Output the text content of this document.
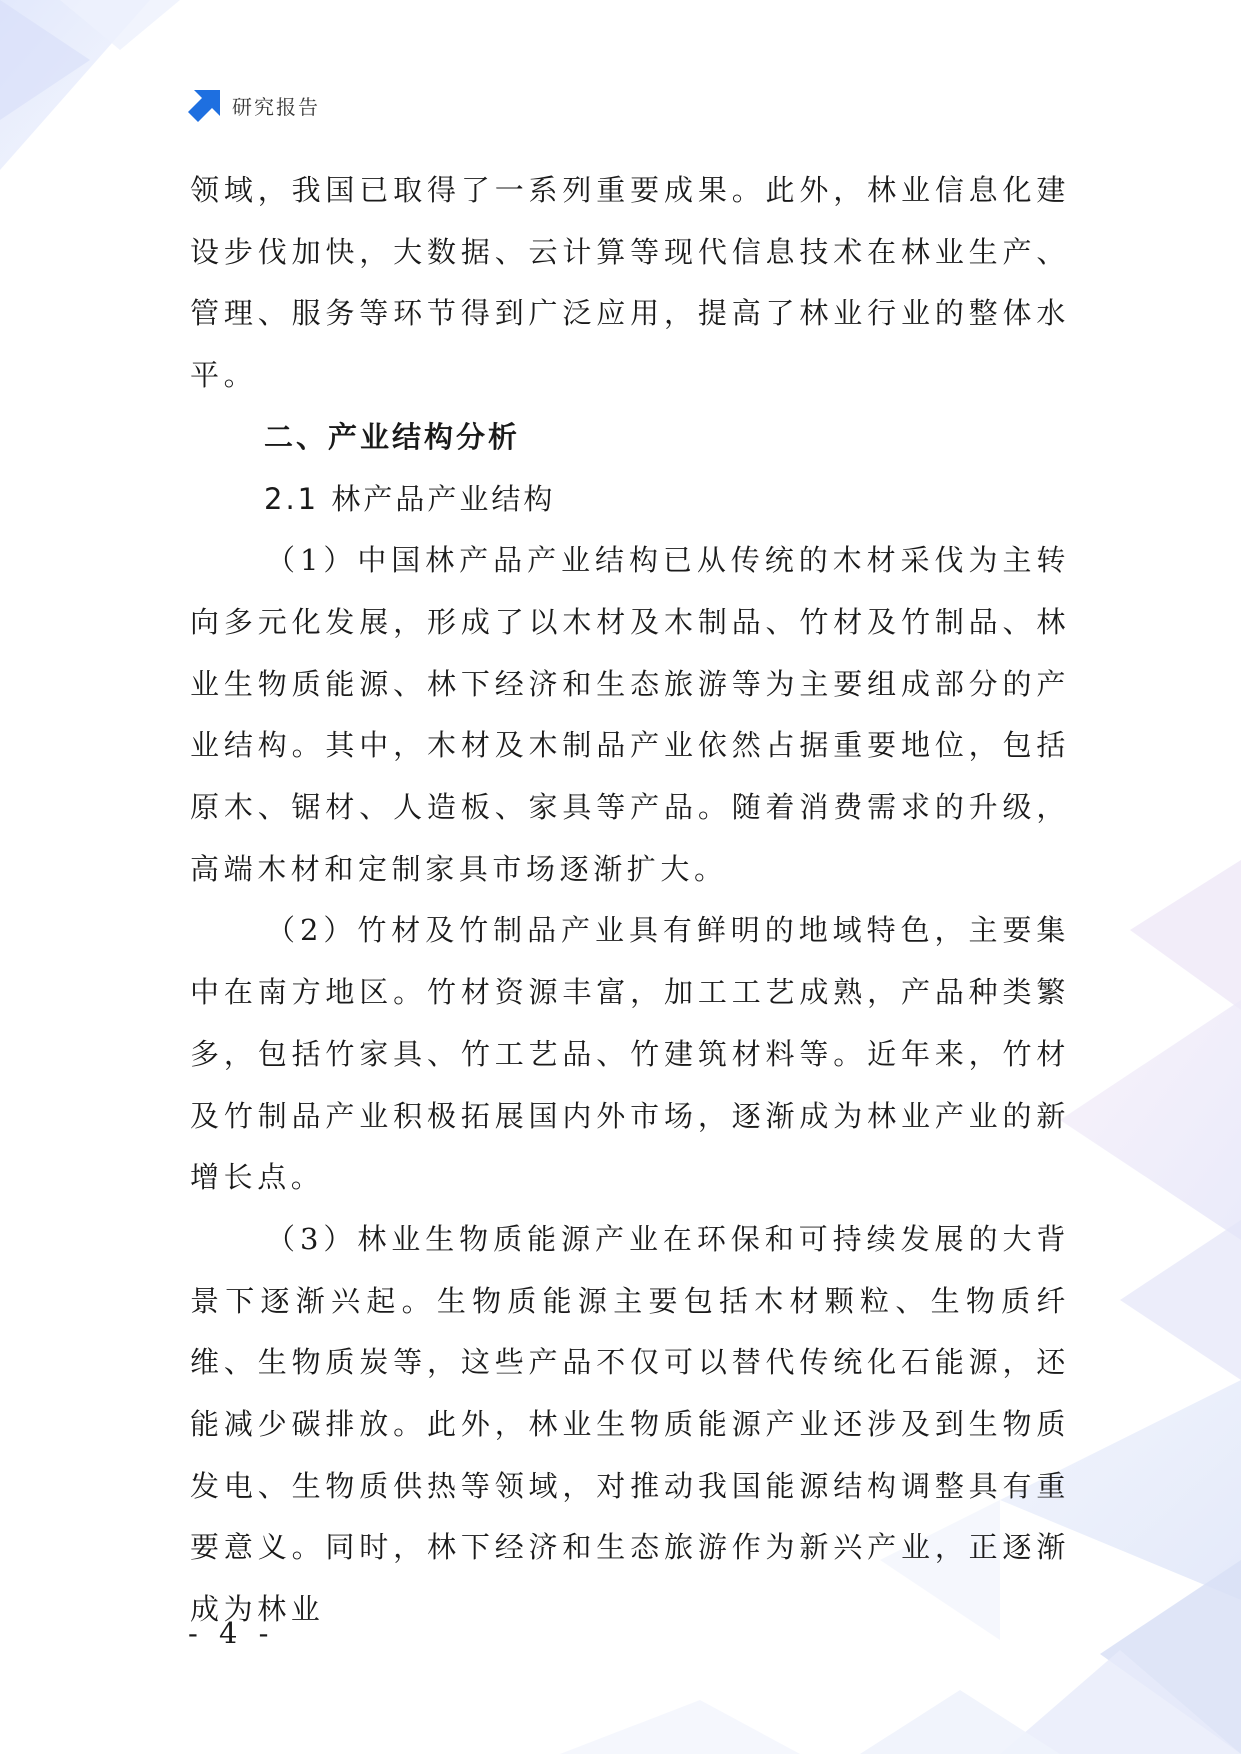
研究报告

领域，我国已取得了一系列重要成果。此外，林业信息化建设步伐加快，大数据、云计算等现代信息技术在林业生产、管理、服务等环节得到广泛应用，提高了林业行业的整体水平。

二、产业结构分析

2.1 林产品产业结构

（1）中国林产品产业结构已从传统的木材采伐为主转向多元化发展，形成了以木材及木制品、竹材及竹制品、林业生物质能源、林下经济和生态旅游等为主要组成部分的产业结构。其中，木材及木制品产业依然占据重要地位，包括原木、锯材、人造板、家具等产品。随着消费需求的升级，高端木材和定制家具市场逐渐扩大。

（2）竹材及竹制品产业具有鲜明的地域特色，主要集中在南方地区。竹材资源丰富，加工工艺成熟，产品种类繁多，包括竹家具、竹工艺品、竹建筑材料等。近年来，竹材及竹制品产业积极拓展国内外市场，逐渐成为林业产业的新增长点。

（3）林业生物质能源产业在环保和可持续发展的大背景下逐渐兴起。生物质能源主要包括木材颗粒、生物质纤维、生物质炭等，这些产品不仅可以替代传统化石能源，还能减少碳排放。此外，林业生物质能源产业还涉及到生物质发电、生物质供热等领域，对推动我国能源结构调整具有重要意义。同时，林下经济和生态旅游作为新兴产业，正逐渐成为林业

- 4 -
